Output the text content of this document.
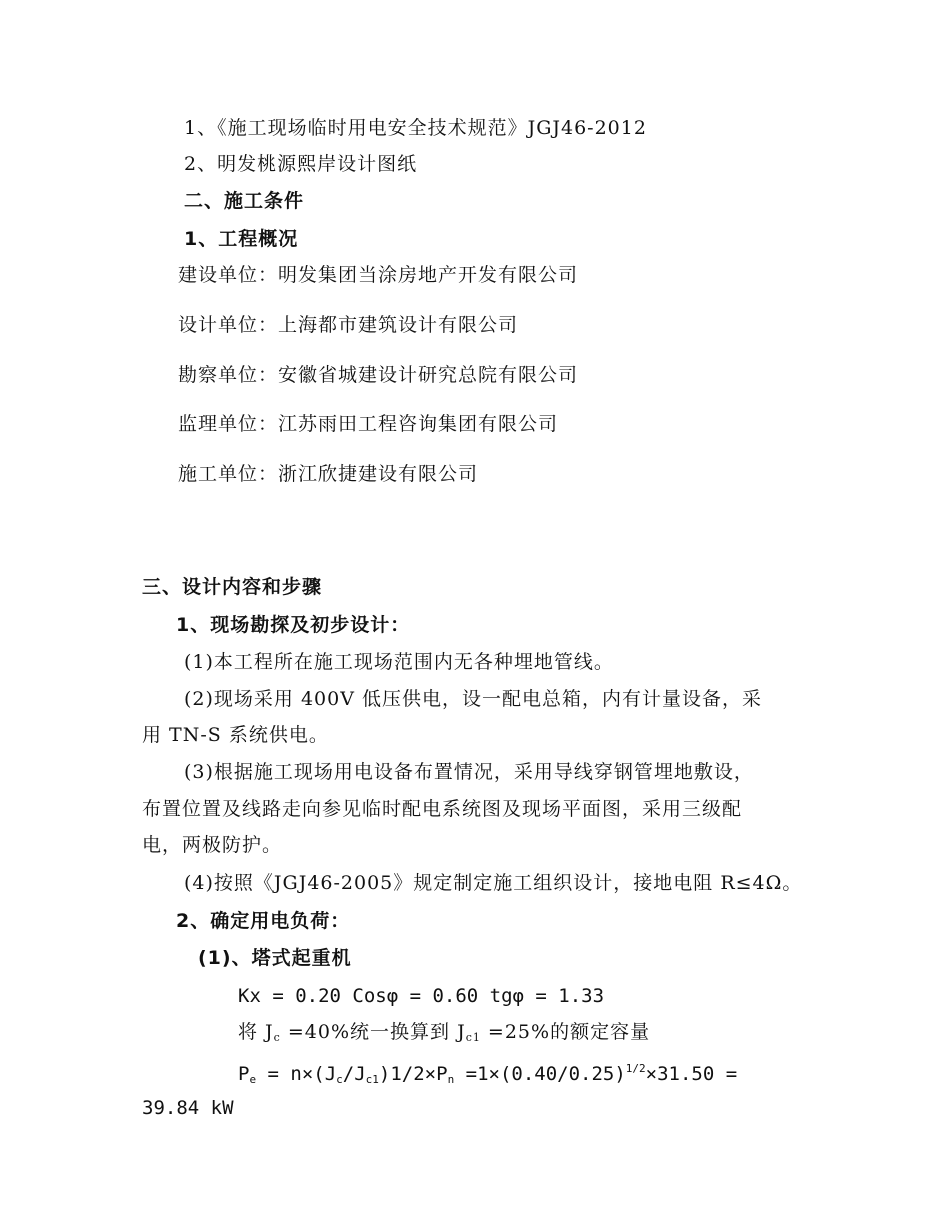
1、《施工现场临时用电安全技术规范》JGJ46-2012
2、明发桃源熙岸设计图纸
二、施工条件
1、工程概况
建设单位：明发集团当涂房地产开发有限公司
设计单位：上海都市建筑设计有限公司
勘察单位：安徽省城建设计研究总院有限公司
监理单位：江苏雨田工程咨询集团有限公司
施工单位：浙江欣捷建设有限公司
三、设计内容和步骤
1、现场勘探及初步设计：
(1)本工程所在施工现场范围内无各种埋地管线。
(2)现场采用 400V 低压供电，设一配电总箱，内有计量设备，采
用 TN-S 系统供电。
(3)根据施工现场用电设备布置情况，采用导线穿钢管埋地敷设，
布置位置及线路走向参见临时配电系统图及现场平面图，采用三级配
电，两极防护。
(4)按照《JGJ46-2005》规定制定施工组织设计，接地电阻 R≤4Ω。
2、确定用电负荷：
(1)、塔式起重机
Kx = 0.20 Cosφ = 0.60 tgφ = 1.33
将 $J_c =40\%$统一换算到 $J_{c1} =25\%$的额定容量
$P_e = n\times(J_c/J_{c1})1/2\times P_n =1\times(0.40/0.25)^{1/2}\times 31.50$ =
39.84 kW
